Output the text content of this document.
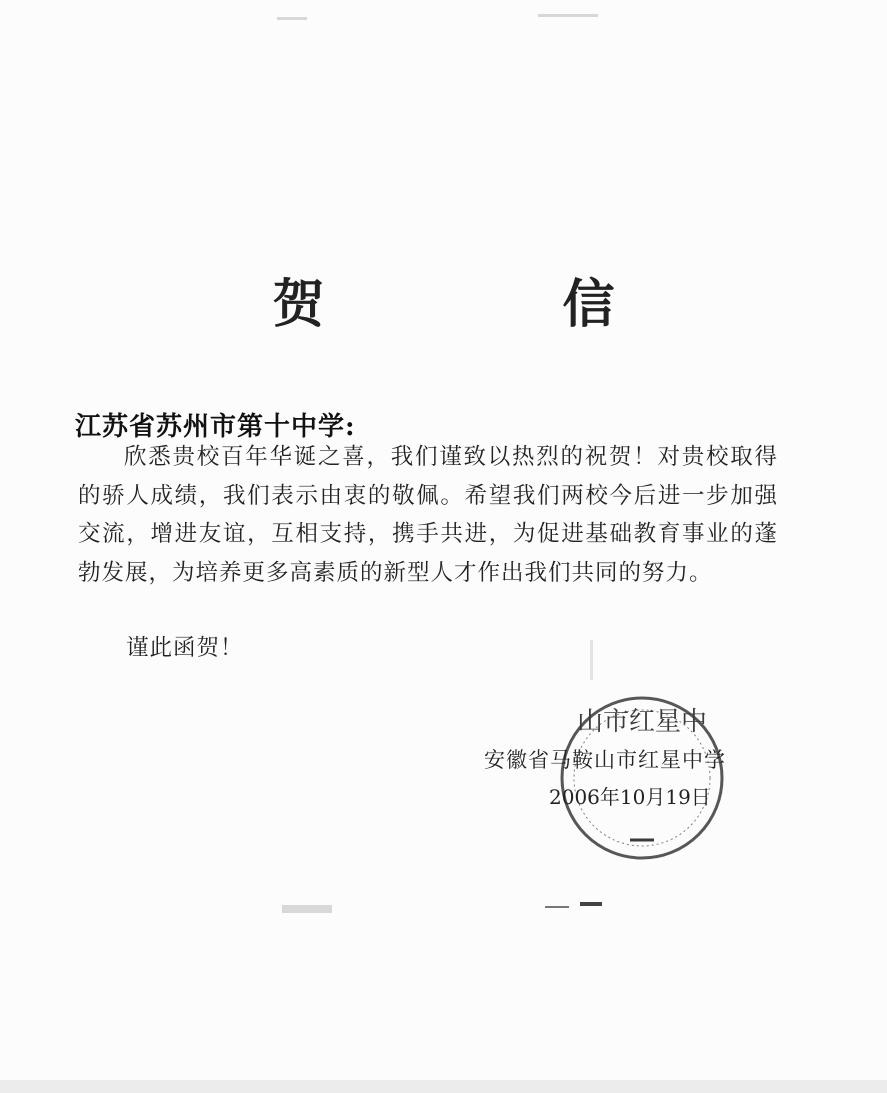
贺 信
江苏省苏州市第十中学:

欣悉贵校百年华诞之喜，我们谨致以热烈的祝贺！对贵校取得的骄人成绩，我们表示由衷的敬佩。希望我们两校今后进一步加强交流，增进友谊，互相支持，携手共进，为促进基础教育事业的蓬勃发展，为培养更多高素质的新型人才作出我们共同的努力。

谨此函贺！
山市红星中
安徽省马鞍山市红星中学
2006年10月19日
